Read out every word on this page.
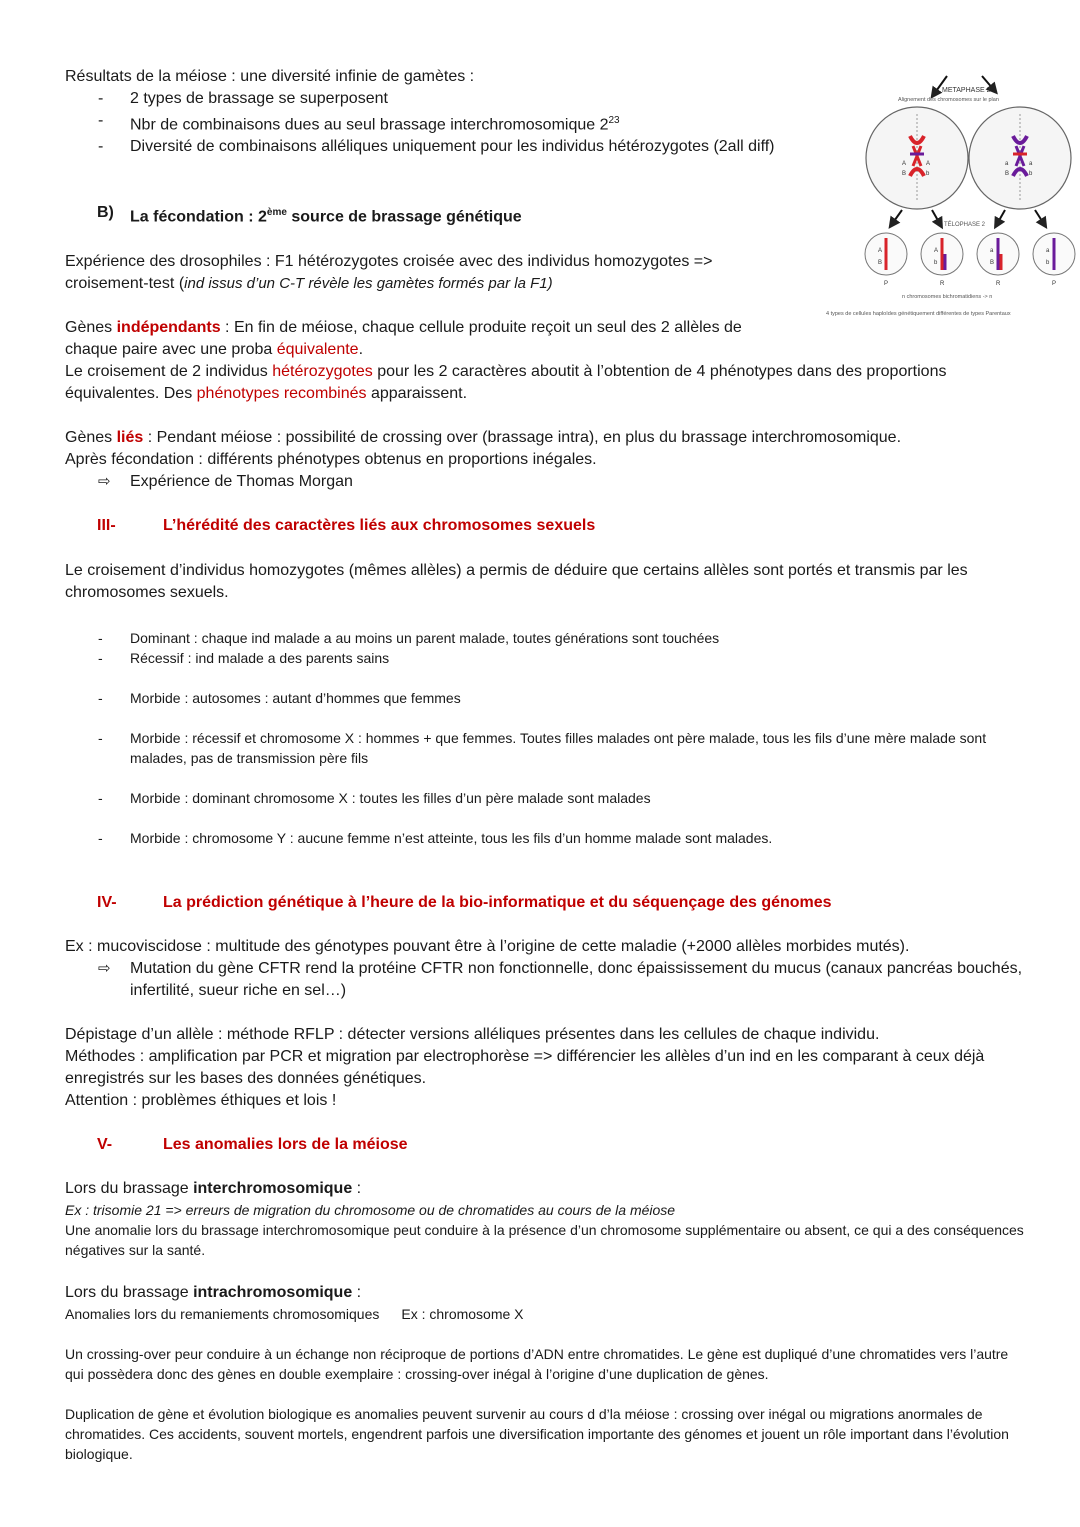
METAPHASE 2
Alignement des chromosomes sur le plan
A	A
B	b
a	a
B	b
TÉLOPHASE 2
A
B
A
b
a
B
a
b
P	R	R	P
n chromosomes bichromatidiens -> n
4 types de cellules haploïdes génétiquement différentes de types Parentaux

Résultats de la méiose : une diversité infinie de gamètes :

- 2 types de brassage se superposent
- Nbr de combinaisons dues au seul brassage interchromosomique $2^{23}$
- Diversité de combinaisons alléliques uniquement pour les individus hétérozygotes (2all diff)

B)	La fécondation : 2ème source de brassage génétique

Expérience des drosophiles : F1 hétérozygotes croisée avec des individus homozygotes =>
croisement-test (ind issus d’un C-T révèle les gamètes formés par la F1)

Gènes indépendants : En fin de méiose, chaque cellule produite reçoit un seul des 2 allèles de
chaque paire avec une proba équivalente.
Le croisement de 2 individus hétérozygotes pour les 2 caractères aboutit à l’obtention de 4 phénotypes dans des proportions
équivalentes. Des phénotypes recombinés apparaissent.

Gènes liés : Pendant méiose : possibilité de crossing over (brassage intra), en plus du brassage interchromosomique.
Après fécondation : différents phénotypes obtenus en proportions inégales.

⇨ Expérience de Thomas Morgan

III-	L’hérédité des caractères liés aux chromosomes sexuels

Le croisement d’individus homozygotes (mêmes allèles) a permis de déduire que certains allèles sont portés et transmis par les chromosomes sexuels.

- Dominant : chaque ind malade a au moins un parent malade, toutes générations sont touchées
- Récessif : ind malade a des parents sains
- Morbide : autosomes : autant d’hommes que femmes
- Morbide : récessif et chromosome X : hommes + que femmes. Toutes filles malades ont père malade, tous les fils d’une mère malade sont malades, pas de transmission père fils
- Morbide : dominant chromosome X : toutes les filles d’un père malade sont malades
- Morbide : chromosome Y : aucune femme n’est atteinte, tous les fils d’un homme malade sont malades.

IV-	La prédiction génétique à l’heure de la bio-informatique et du séquençage des génomes

Ex : mucoviscidose : multitude des génotypes pouvant être à l’origine de cette maladie (+2000 allèles morbides mutés).

⇨ Mutation du gène CFTR rend la protéine CFTR non fonctionnelle, donc épaississement du mucus (canaux pancréas bouchés, infertilité, sueur riche en sel…)

Dépistage d’un allèle : méthode RFLP : détecter versions alléliques présentes dans les cellules de chaque individu.

Méthodes : amplification par PCR et migration par electrophorèse => différencier les allèles d’un ind en les comparant à ceux déjà enregistrés sur les bases des données génétiques.

Attention : problèmes éthiques et lois !

V-	Les anomalies lors de la méiose

Lors du brassage interchromosomique :

Ex : trisomie 21 => erreurs de migration du chromosome ou de chromatides au cours de la méiose

Une anomalie lors du brassage interchromosomique peut conduire à la présence d’un chromosome supplémentaire ou absent, ce qui a des conséquences négatives sur la santé.

Lors du brassage intrachromosomique :

Anomalies lors du remaniements chromosomiques Ex : chromosome X

Un crossing-over peur conduire à un échange non réciproque de portions d’ADN entre chromatides. Le gène est dupliqué d’une chromatides vers l’autre qui possèdera donc des gènes en double exemplaire : crossing-over inégal à l’origine d’une duplication de gènes.

Duplication de gène et évolution biologique es anomalies peuvent survenir au cours d d’la méiose : crossing over inégal ou migrations anormales de chromatides. Ces accidents, souvent mortels, engendrent parfois une diversification importante des génomes et jouent un rôle important dans l’évolution biologique.
